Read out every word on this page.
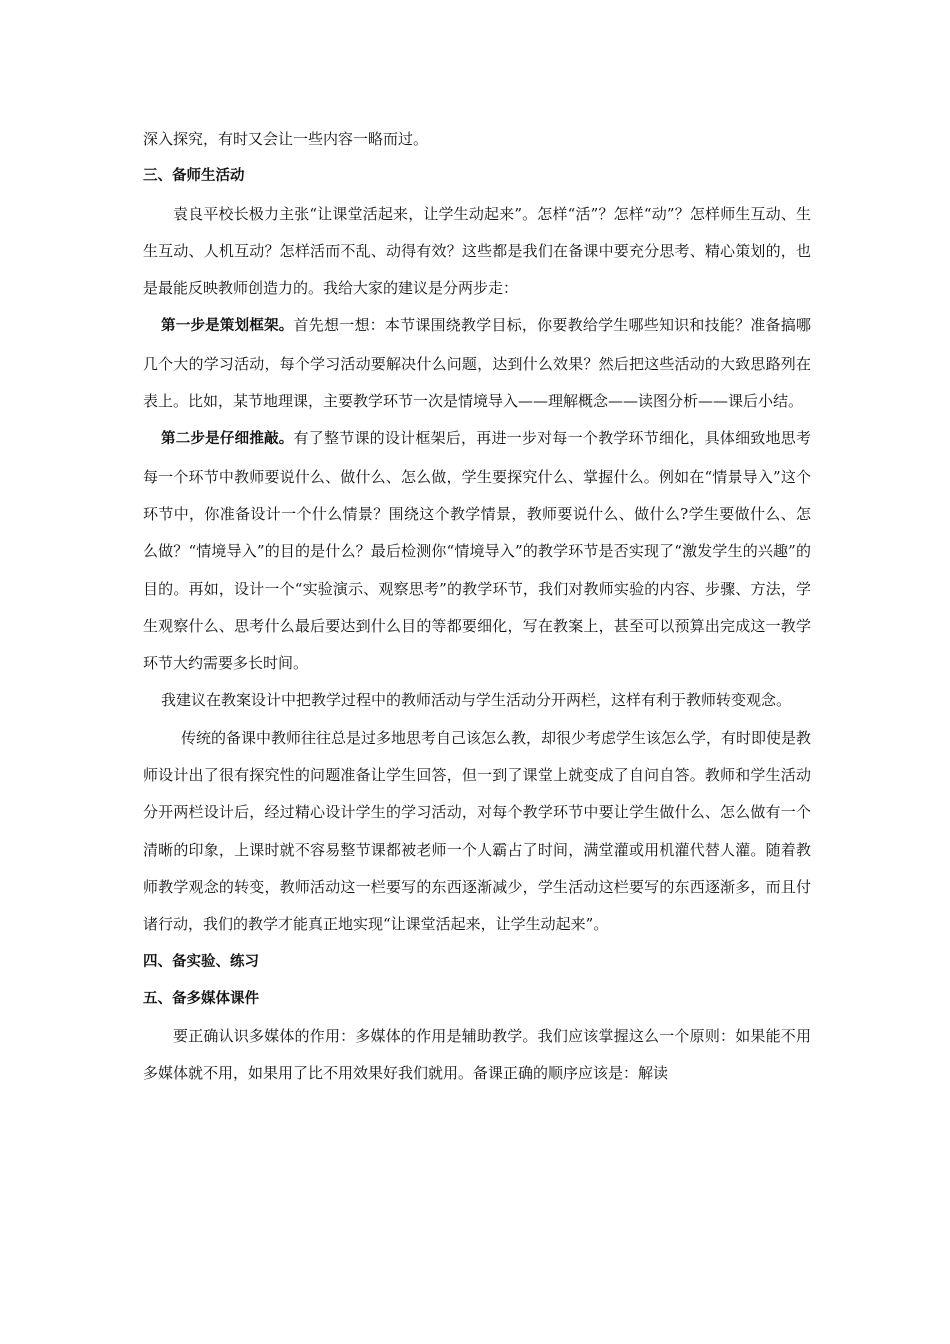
深入探究，有时又会让一些内容一略而过。

三、备师生活动

袁良平校长极力主张“让课堂活起来，让学生动起来”。怎样“活”？怎样“动”？怎样师生互动、生生互动、人机互动？怎样活而不乱、动得有效？这些都是我们在备课中要充分思考、精心策划的，也是最能反映教师创造力的。我给大家的建议是分两步走：

第一步是策划框架。首先想一想：本节课围绕教学目标，你要教给学生哪些知识和技能？准备搞哪几个大的学习活动，每个学习活动要解决什么问题，达到什么效果？然后把这些活动的大致思路列在表上。比如，某节地理课，主要教学环节一次是情境导入——理解概念——读图分析——课后小结。

第二步是仔细推敲。有了整节课的设计框架后，再进一步对每一个教学环节细化，具体细致地思考每一个环节中教师要说什么、做什么、怎么做，学生要探究什么、掌握什么。例如在“情景导入”这个环节中，你准备设计一个什么情景？围绕这个教学情景，教师要说什么、做什么?学生要做什么、怎么做？“情境导入”的目的是什么？最后检测你“情境导入”的教学环节是否实现了“激发学生的兴趣”的目的。再如，设计一个“实验演示、观察思考”的教学环节，我们对教师实验的内容、步骤、方法，学生观察什么、思考什么最后要达到什么目的等都要细化，写在教案上，甚至可以预算出完成这一教学环节大约需要多长时间。

我建议在教案设计中把教学过程中的教师活动与学生活动分开两栏，这样有利于教师转变观念。

传统的备课中教师往往总是过多地思考自己该怎么教，却很少考虑学生该怎么学，有时即使是教师设计出了很有探究性的问题准备让学生回答，但一到了课堂上就变成了自问自答。教师和学生活动分开两栏设计后，经过精心设计学生的学习活动，对每个教学环节中要让学生做什么、怎么做有一个清晰的印象，上课时就不容易整节课都被老师一个人霸占了时间，满堂灌或用机灌代替人灌。随着教师教学观念的转变，教师活动这一栏要写的东西逐渐减少，学生活动这栏要写的东西逐渐多，而且付诸行动，我们的教学才能真正地实现“让课堂活起来，让学生动起来”。

四、备实验、练习

五、备多媒体课件

要正确认识多媒体的作用：多媒体的作用是辅助教学。我们应该掌握这么一个原则：如果能不用多媒体就不用，如果用了比不用效果好我们就用。备课正确的顺序应该是：解读
